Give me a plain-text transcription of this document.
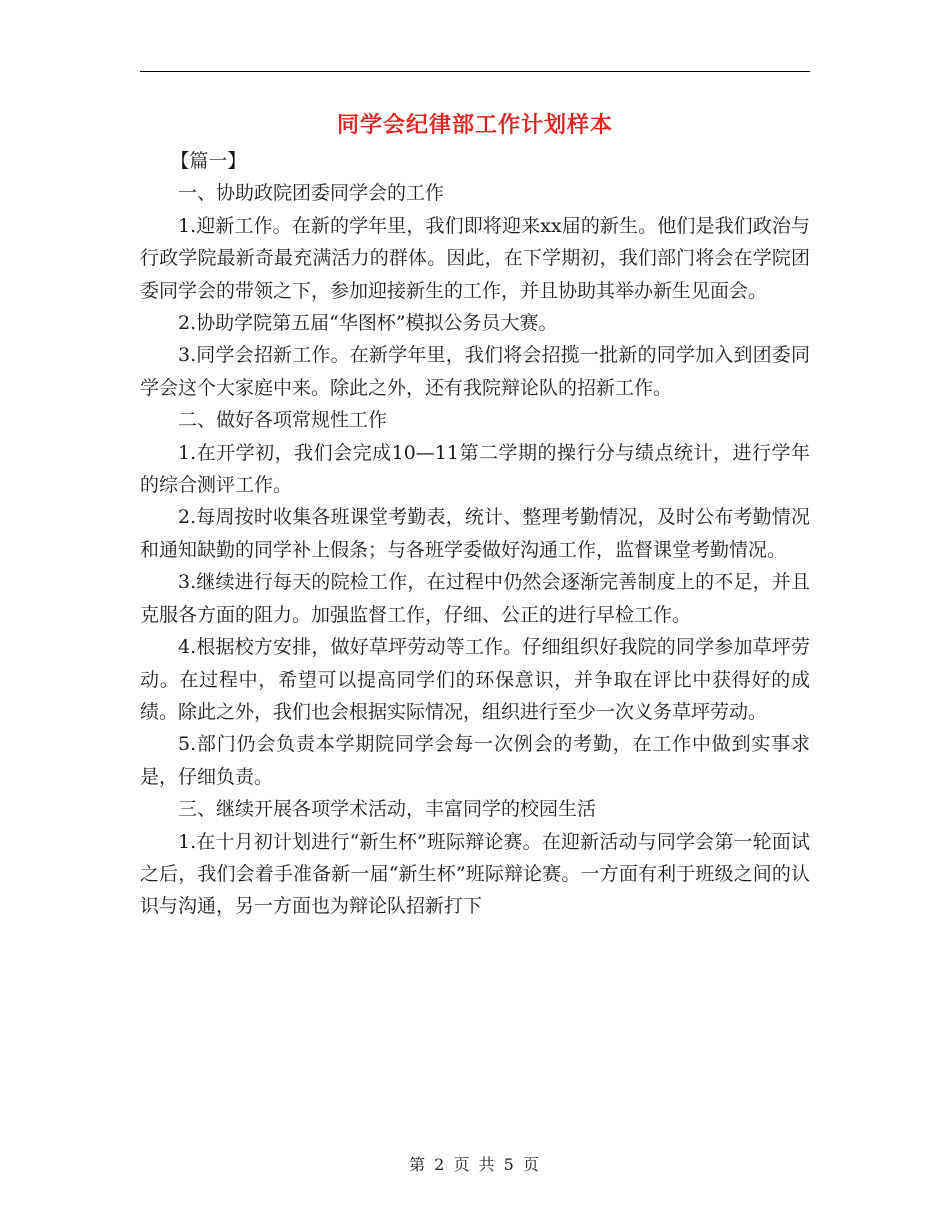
同学会纪律部工作计划样本

【篇一】

一、协助政院团委同学会的工作

1.迎新工作。在新的学年里，我们即将迎来xx届的新生。他们是我们政治与行政学院最新奇最充满活力的群体。因此，在下学期初，我们部门将会在学院团委同学会的带领之下，参加迎接新生的工作，并且协助其举办新生见面会。

2.协助学院第五届“华图杯”模拟公务员大赛。

3.同学会招新工作。在新学年里，我们将会招揽一批新的同学加入到团委同学会这个大家庭中来。除此之外，还有我院辩论队的招新工作。

二、做好各项常规性工作

1.在开学初，我们会完成10—11第二学期的操行分与绩点统计，进行学年的综合测评工作。

2.每周按时收集各班课堂考勤表，统计、整理考勤情况，及时公布考勤情况和通知缺勤的同学补上假条；与各班学委做好沟通工作，监督课堂考勤情况。

3.继续进行每天的院检工作，在过程中仍然会逐渐完善制度上的不足，并且克服各方面的阻力。加强监督工作，仔细、公正的进行早检工作。

4.根据校方安排，做好草坪劳动等工作。仔细组织好我院的同学参加草坪劳动。在过程中，希望可以提高同学们的环保意识，并争取在评比中获得好的成绩。除此之外，我们也会根据实际情况，组织进行至少一次义务草坪劳动。

5.部门仍会负责本学期院同学会每一次例会的考勤，在工作中做到实事求是，仔细负责。

三、继续开展各项学术活动，丰富同学的校园生活

1.在十月初计划进行“新生杯”班际辩论赛。在迎新活动与同学会第一轮面试之后，我们会着手准备新一届“新生杯”班际辩论赛。一方面有利于班级之间的认识与沟通，另一方面也为辩论队招新打下

第 2 页 共 5 页
